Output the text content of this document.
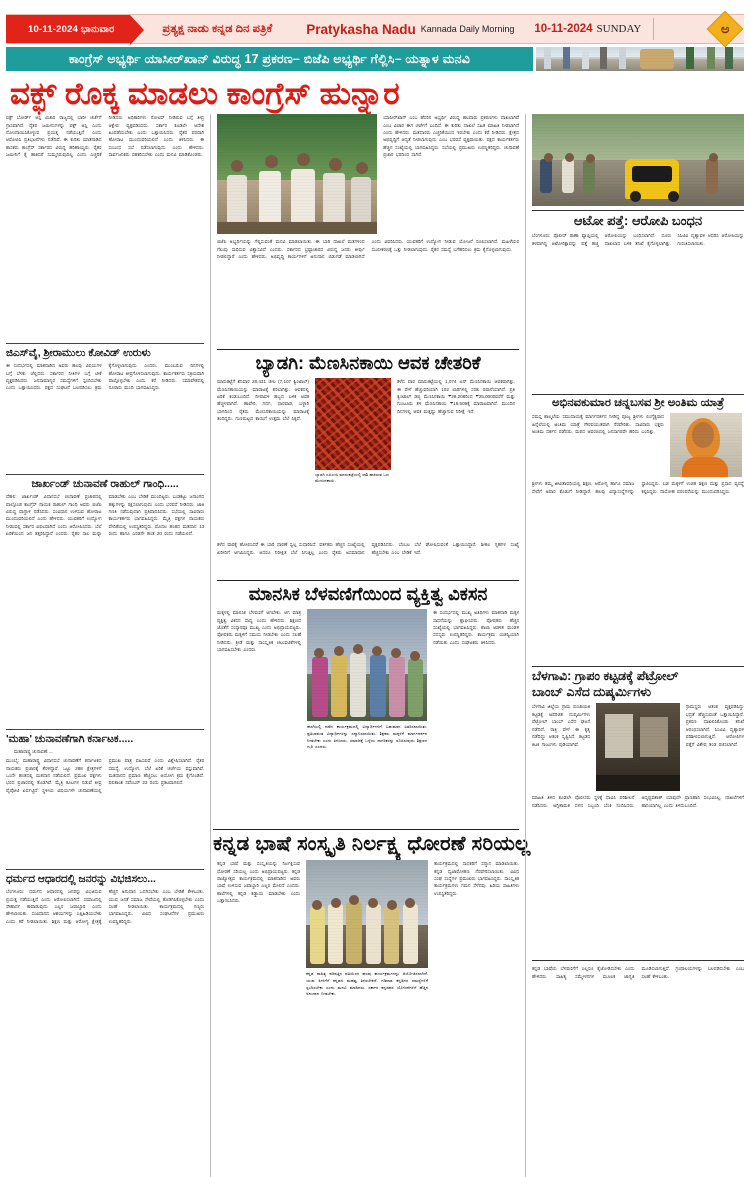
10-11-2024 ಭಾನುವಾರ	ಪ್ರತ್ಯಕ್ಷ ನಾಡು ಕನ್ನಡ ದಿನ ಪತ್ರಿಕೆ	Pratykasha Nadu Kannada Daily Morning 10-11-2024 SUNDAY	ಅ
ಕಾಂಗ್ರೆಸ್ ಅಭ್ಯರ್ಥಿ ಯಾಸೀರ್‌ಖಾನ್ ವಿರುದ್ಧ 17 ಪ್ರಕರಣ– ಬಿಜೆಪಿ ಅಭ್ಯರ್ಥಿ ಗೆಲ್ಲಿಸಿ– ಯತ್ನಾಳ ಮನವಿ
ವಕ್ಫ್ ರೊಕ್ಕ ಮಾಡಲು ಕಾಂಗ್ರೆಸ್ ಹುನ್ನಾರ
ವಕ್ಫ್ ಬೋರ್ಡ್ ಆಸ್ತಿ ವಿಚಾರ ರಾಜ್ಯದಲ್ಲಿ ಭಾರೀ ಚರ್ಚೆಗೆ ಗ್ರಾಸವಾಗಿದೆ. ರೈತರ ಜಮೀನುಗಳನ್ನು ವಕ್ಫ್ ಆಸ್ತಿ ಎಂದು ನೋಂದಾಯಿಸಿಕೊಳ್ಳುವ ಪ್ರಯತ್ನ ನಡೆಯುತ್ತಿದೆ ಎಂದು ಆರೋಪಿಸಿ ಪ್ರತಿಭಟನೆಗಳು ನಡೆದಿವೆ. ಈ ಕುರಿತು ಮಾತನಾಡಿದ ಶಾಸಕರು ಕಾಂಗ್ರೆಸ್ ಸರ್ಕಾರದ ವಿರುದ್ಧ ಹರಿಹಾಯ್ದರು. ರೈತರ ಜಮೀನಿಗೆ ಕೈ ಹಾಕಿದರೆ ಸುಮ್ಮನಿರುವುದಿಲ್ಲ ಎಂದು ಎಚ್ಚರಿಕೆ ನೀಡಿದರು. ಅಧಿಕಾರಿಗಳು ನೋಟಿಸ್ ನೀಡಿರುವ ಬಗ್ಗೆ ತೀವ್ರ ಆಕ್ಷೇಪ ವ್ಯಕ್ತಪಡಿಸಿದರು. ಸರ್ಕಾರ ಕೂಡಲೇ ಆದೇಶ ಹಿಂಪಡೆಯಬೇಕು ಎಂದು ಒತ್ತಾಯಿಸಿದರು. ರೈತರ ಪರವಾಗಿ ಹೋರಾಟ ಮುಂದುವರಿಯಲಿದೆ ಎಂದು ತಿಳಿಸಿದರು. ಈ ಸಂಬಂಧ ಸಭೆ ನಡೆಸಲಾಗುವುದು ಎಂದು ಹೇಳಿದರು. ಸಾರ್ವಜನಿಕರು ಸಹಕರಿಸಬೇಕು ಎಂದು ಮನವಿ ಮಾಡಿಕೊಂಡರು.
ಜಿಎಸ್‌ವೈ, ಶ್ರೀರಾಮುಲು ಕೋವಿಡ್ ಉರುಳು
ಈ ಸಂದರ್ಭದಲ್ಲಿ ಮಾತನಾಡಿದ ಅವರು ಹಲವು ವಿಷಯಗಳ ಬಗ್ಗೆ ಬೆಳಕು ಚೆಲ್ಲಿದರು. ಸರ್ಕಾರದ ನೀತಿಗಳ ಬಗ್ಗೆ ಟೀಕೆ ವ್ಯಕ್ತಪಡಿಸಿದರು. ಜನಸಾಮಾನ್ಯರ ಸಮಸ್ಯೆಗಳಿಗೆ ಸ್ಪಂದಿಸಬೇಕು ಎಂದು ಒತ್ತಾಯಿಸಿದರು. ಪಕ್ಷದ ಸಂಘಟನೆ ಬಲಪಡಿಸಲು ಕ್ರಮ ಕೈಗೊಳ್ಳಲಾಗುವುದು ಎಂದರು. ಮುಂಬರುವ ದಿನಗಳಲ್ಲಿ ಹೋರಾಟ ತೀವ್ರಗೊಳಿಸಲಾಗುವುದು. ಕಾರ್ಯಕರ್ತರು ಸಕ್ರಿಯವಾಗಿ ಪಾಲ್ಗೊಳ್ಳಬೇಕು ಎಂದು ಕರೆ ನೀಡಿದರು. ಸಮಾವೇಶದಲ್ಲಿ ನೂರಾರು ಮಂದಿ ಭಾಗವಹಿಸಿದ್ದರು.
ಜಾರ್ಖಂಡ್ ಚುನಾವಣೆ ರಾಹುಲ್ ಗಾಂಧಿ.....
ದೆಹಲಿ: ಜಾರ್ಖಂಡ್ ವಿಧಾನಸಭೆ ಚುನಾವಣೆ ಪ್ರಚಾರದಲ್ಲಿ ಪಾಲ್ಗೊಂಡ ಕಾಂಗ್ರೆಸ್ ನಾಯಕ ರಾಹುಲ್ ಗಾಂಧಿ ಅವರು ಬಿಜೆಪಿ ವಿರುದ್ಧ ವಾಗ್ದಾಳಿ ನಡೆಸಿದರು. ಸಂವಿಧಾನ ಉಳಿಸುವ ಹೋರಾಟ ಮುಂದುವರಿಯಲಿದೆ ಎಂದು ಹೇಳಿದರು. ಯುವಕರಿಗೆ ಉದ್ಯೋಗ ನೀಡುವಲ್ಲಿ ಸರ್ಕಾರ ವಿಫಲವಾಗಿದೆ ಎಂದು ಆರೋಪಿಸಿದರು. ಬೆಲೆ ಏರಿಕೆಯಿಂದ ಜನ ತತ್ತರಿಸಿದ್ದಾರೆ ಎಂದರು. ರೈತರ ಸಾಲ ಮನ್ನಾ ಮಾಡಬೇಕು ಎಂಬ ಬೇಡಿಕೆ ಮುಂದಿಟ್ಟರು. ಬುಡಕಟ್ಟು ಜನಾಂಗದ ಹಕ್ಕುಗಳನ್ನು ರಕ್ಷಿಸಲಾಗುವುದು ಎಂದು ಭರವಸೆ ನೀಡಿದರು. ಜಾತಿ ಗಣತಿ ನಡೆಸುವುದಾಗಿ ಪ್ರತಿಪಾದಿಸಿದರು. ಸಭೆಯಲ್ಲಿ ಸಾವಿರಾರು ಕಾರ್ಯಕರ್ತರು ಭಾಗವಹಿಸಿದ್ದರು. ಮೈತ್ರಿ ಪಕ್ಷಗಳ ನಾಯಕರು ವೇದಿಕೆಯಲ್ಲಿ ಉಪಸ್ಥಿತರಿದ್ದರು. ಮೊದಲ ಹಂತದ ಮತದಾನ 13 ರಂದು ಹಾಗೂ ಎರಡನೇ ಹಂತ 20 ರಂದು ನಡೆಯಲಿದೆ.
'ಮಹಾ' ಚುನಾವಣೆಗಾಗಿ ಕರ್ನಾಟಕ.....
ಮಹಾರಾಷ್ಟ್ರ ಚುನಾವಣೆ.....
ಮುಂಬೈ: ಮಹಾರಾಷ್ಟ್ರ ವಿಧಾನಸಭೆ ಚುನಾವಣೆಗೆ ಕರ್ನಾಟಕದ ನಾಯಕರು ಪ್ರಚಾರಕ್ಕೆ ತೆರಳಿದ್ದಾರೆ. ಒಟ್ಟು 288 ಕ್ಷೇತ್ರಗಳಿಗೆ ಒಂದೇ ಹಂತದಲ್ಲಿ ಮತದಾನ ನಡೆಯಲಿದೆ. ಪ್ರಮುಖ ಪಕ್ಷಗಳು ಭರದ ಪ್ರಚಾರದಲ್ಲಿ ತೊಡಗಿವೆ. ಮೈತ್ರಿ ಕೂಟಗಳ ನಡುವೆ ತೀವ್ರ ಪೈಪೋಟಿ ಏರ್ಪಟ್ಟಿದೆ. ಸ್ಥಳೀಯ ವಿಷಯಗಳೇ ಚುನಾವಣೆಯಲ್ಲಿ ಪ್ರಮುಖ ಪಾತ್ರ ವಹಿಸಲಿವೆ ಎಂದು ವಿಶ್ಲೇಷಿಸಲಾಗಿದೆ. ರೈತರ ಸಮಸ್ಯೆ, ಉದ್ಯೋಗ, ಬೆಲೆ ಏರಿಕೆ ಚರ್ಚೆಯ ವಸ್ತುವಾಗಿವೆ. ಮತದಾನದ ಪ್ರಮಾಣ ಹೆಚ್ಚಿಸಲು ಆಯೋಗ ಕ್ರಮ ಕೈಗೊಂಡಿದೆ. ಫಲಿತಾಂಶ ನವೆಂಬರ್ 23 ರಂದು ಪ್ರಕಟವಾಗಲಿದೆ.
ಧರ್ಮದ ಆಧಾರದಲ್ಲಿ ಜನರನ್ನು ವಿಭಜಿಸಲು...
ಬೆಂಗಳೂರು: ಧರ್ಮದ ಆಧಾರದಲ್ಲಿ ಜನರನ್ನು ವಿಭಜಿಸುವ ಪ್ರಯತ್ನ ನಡೆಯುತ್ತಿದೆ ಎಂದು ಆರೋಪಿಸಲಾಗಿದೆ. ಸಮಾಜದಲ್ಲಿ ಸೌಹಾರ್ದ ಕಾಪಾಡುವುದು ಎಲ್ಲರ ಜವಾಬ್ದಾರಿ ಎಂದು ಹೇಳಲಾಯಿತು. ಸಂವಿಧಾನದ ಆಶಯಗಳನ್ನು ಎತ್ತಿಹಿಡಿಯಬೇಕು ಎಂದು ಕರೆ ನೀಡಲಾಯಿತು. ಶಿಕ್ಷಣ ಮತ್ತು ಆರೋಗ್ಯ ಕ್ಷೇತ್ರಕ್ಕೆ ಹೆಚ್ಚಿನ ಅನುದಾನ ಒದಗಿಸಬೇಕು ಎಂಬ ಬೇಡಿಕೆ ಕೇಳಿಬಂತು. ಯುವ ಜನತೆ ಸಮಾಜ ಸೇವೆಯಲ್ಲಿ ತೊಡಗಿಸಿಕೊಳ್ಳಬೇಕು ಎಂದು ಸಲಹೆ ನೀಡಲಾಯಿತು. ಕಾರ್ಯಕ್ರಮದಲ್ಲಿ ಗಣ್ಯರು ಭಾಗವಹಿಸಿದ್ದರು. ವಿವಿಧ ಸಂಘಟನೆಗಳ ಪ್ರಮುಖರು ಉಪಸ್ಥಿತರಿದ್ದರು.
ಯಾಸೀರ್‌ಖಾನ್ ಎಂಬ ಹೆಸರಿನ ಅಭ್ಯರ್ಥಿ ವಿರುದ್ಧ ಹಲವಾರು ಪ್ರಕರಣಗಳು ದಾಖಲಾಗಿವೆ ಎಂಬ ವಿಚಾರ ಈಗ ಚರ್ಚೆಗೆ ಬಂದಿದೆ. ಈ ಕುರಿತು ದಾಖಲೆ ಸಹಿತ ಮಾಹಿತಿ ನೀಡಲಾಗಿದೆ ಎಂದು ಹೇಳಿದರು. ಮತದಾರರು ಎಚ್ಚರಿಕೆಯಿಂದ ಇರಬೇಕು ಎಂದು ಕರೆ ನೀಡಿದರು. ಕ್ಷೇತ್ರದ ಅಭಿವೃದ್ಧಿಗೆ ಆದ್ಯತೆ ನೀಡಲಾಗುವುದು ಎಂಬ ಭರವಸೆ ವ್ಯಕ್ತವಾಯಿತು. ಪಕ್ಷದ ಕಾರ್ಯಕರ್ತರು ಹೆಚ್ಚಿನ ಸಂಖ್ಯೆಯಲ್ಲಿ ಭಾಗವಹಿಸಿದ್ದರು. ಸಭೆಯಲ್ಲಿ ಪ್ರಮುಖರು ಉಪಸ್ಥಿತರಿದ್ದರು. ಚುನಾವಣೆ ಪ್ರಚಾರ ಭರದಿಂದ ಸಾಗಿದೆ.
ಬಿಜೆಪಿ ಅಭ್ಯರ್ಥಿಯನ್ನು ಗೆಲ್ಲಿಸುವಂತೆ ಮನವಿ ಮಾಡಲಾಯಿತು. ಈ ಬಾರಿ ದಾಖಲೆ ಮತಗಳಿಂದ ಗೆಲುವು ಸಾಧಿಸುವ ವಿಶ್ವಾಸವಿದೆ ಎಂದರು. ಸರ್ಕಾರದ ಭ್ರಷ್ಟಾಚಾರದ ವಿರುದ್ಧ ಜನರು ತೀರ್ಪು ನೀಡಲಿದ್ದಾರೆ ಎಂದು ಹೇಳಿದರು. ಅಭಿವೃದ್ಧಿ ಕಾರ್ಯಗಳಿಗೆ ಅನುದಾನ ಬಿಡುಗಡೆ ಮಾಡಲಾಗಿದೆ ಎಂದು ವಿವರಿಸಿದರು. ಯುವಕರಿಗೆ ಉದ್ಯೋಗ ನೀಡುವ ಯೋಜನೆ ರೂಪಿಸಲಾಗಿದೆ. ಮಹಿಳೆಯರ ಸಬಲೀಕರಣಕ್ಕೆ ಒತ್ತು ನೀಡಲಾಗುವುದು. ರೈತರ ಸಮಸ್ಯೆ ಬಗೆಹರಿಸಲು ಕ್ರಮ ಕೈಗೊಳ್ಳಲಾಗುವುದು.
ಬ್ಯಾಡಗಿ: ಮೆಣಸಿನಕಾಯಿ ಆವಕ ಚೇತರಿಕೆ
ಮಾರುಕಟ್ಟೆಗೆ ಶನಿವಾರ 28,431 ಚೀಲ (7,107 ಕ್ವಿಂಟಾಲ್) ಮೆಣಸಿನಕಾಯಿಯನ್ನು ಮಾರಾಟಕ್ಕೆ ತರಲಾಗಿತ್ತು. ಆವಕದಲ್ಲಿ ಏರಿಕೆ ಕಂಡುಬಂದಿದೆ. ದೀಪಾವಳಿ ಹಬ್ಬದ ಬಳಿಕ ಆವಕ ಹೆಚ್ಚಳವಾಗಿದೆ. ಹಾವೇರಿ, ಗದಗ, ಧಾರವಾಡ, ಬಳ್ಳಾರಿ ಭಾಗದಿಂದ ರೈತರು ಮೆಣಸಿನಕಾಯಿಯನ್ನು ಮಾರಾಟಕ್ಕೆ ತಂದಿದ್ದರು. ಗುಣಮಟ್ಟದ ಕಾಯಿಗೆ ಉತ್ತಮ ಬೆಲೆ ಸಿಕ್ಕಿದೆ.
ಬ್ಯಾಡಗಿ ಎಪಿಎಂಸಿ ಮಾರುಕಟ್ಟೆಯಲ್ಲಿ ರಾಶಿ ಹಾಕಿರುವ ಒಣ ಮೆಣಸಿನಕಾಯಿ.
ಕಳೆದ ವಾರ ಮಾರುಕಟ್ಟೆಯಲ್ಲಿ 1,074 ಟನ್ ಮೆಣಸಿನಕಾಯಿ ಆವಕವಾಗಿತ್ತು. ಈ ವೇಳೆ ಹೆಚ್ಚುವರಿಯಾಗಿ 102 ಲಾರಿಗಳಲ್ಲಿ ಸರಕು ರವಾನೆಯಾಗಿದೆ. ಪ್ರತಿ ಕ್ವಿಂಟಾಲ್ ಡಬ್ಬಿ ಮೆಣಸಿನಕಾಯಿ ₹29,208ರಿಂದ ₹25,000ರವರೆಗೆ ಮತ್ತು ಗುಂಟೂರು ತಳಿ ಮೆಣಸಿನಕಾಯಿ ₹16,509ಕ್ಕೆ ಮಾರಾಟವಾಗಿದೆ. ಮುಂದಿನ ದಿನಗಳಲ್ಲಿ ಆವಕ ಮತ್ತಷ್ಟು ಹೆಚ್ಚಾಗುವ ನಿರೀಕ್ಷೆ ಇದೆ.
ಕಳೆದ ವಾರಕ್ಕೆ ಹೋಲಿಸಿದರೆ ಈ ಬಾರಿ ಧಾರಣೆ ಸ್ವಲ್ಪ ಸುಧಾರಿಸಿದೆ. ವರ್ತಕರು ಹೆಚ್ಚಿನ ಸಂಖ್ಯೆಯಲ್ಲಿ ಖರೀದಿಗೆ ಆಗಮಿಸಿದ್ದರು. ಆದರೂ ನಿರೀಕ್ಷಿತ ಬೆಲೆ ಸಿಗುತ್ತಿಲ್ಲ ಎಂದು ರೈತರು ಅಸಮಾಧಾನ ವ್ಯಕ್ತಪಡಿಸಿದರು. ಬೆಂಬಲ ಬೆಲೆ ಘೋಷಿಸುವಂತೆ ಒತ್ತಾಯಿಸಿದ್ದಾರೆ. ಶೀತಲ ಗೃಹಗಳ ಸಂಖ್ಯೆ ಹೆಚ್ಚಿಸಬೇಕು ಎಂಬ ಬೇಡಿಕೆ ಇದೆ.
ಮಾನಸಿಕ ಬೆಳವಣಿಗೆಯಿಂದ ವ್ಯಕ್ತಿತ್ವ ವಿಕಸನ
ಮಕ್ಕಳಲ್ಲಿ ಮಾನಸಿಕ ಬೆಳವಣಿಗೆ ಆಗಬೇಕು. ಆಗ ಮಾತ್ರ ವ್ಯಕ್ತಿತ್ವ ವಿಕಸನ ಸಾಧ್ಯ ಎಂದು ಹೇಳಿದರು. ಶಿಕ್ಷಣದ ಜೊತೆಗೆ ಸಂಸ್ಕಾರವೂ ಮುಖ್ಯ ಎಂದು ಅಭಿಪ್ರಾಯಪಟ್ಟರು. ಪೋಷಕರು ಮಕ್ಕಳಿಗೆ ಸಮಯ ನೀಡಬೇಕು ಎಂದು ಸಲಹೆ ನೀಡಿದರು. ಕ್ರೀಡೆ ಮತ್ತು ಸಾಂಸ್ಕೃತಿಕ ಚಟುವಟಿಕೆಗಳಲ್ಲಿ ಭಾಗವಹಿಸಬೇಕು ಎಂದರು.
ಶಾಲೆಯಲ್ಲಿ ನಡೆದ ಕಾರ್ಯಕ್ರಮದಲ್ಲಿ ವಿದ್ಯಾರ್ಥಿಗಳಿಗೆ ಬಹುಮಾನ ವಿತರಿಸಲಾಯಿತು. ಪ್ರತಿಭಾವಂತ ವಿದ್ಯಾರ್ಥಿಗಳನ್ನು ಸನ್ಮಾನಿಸಲಾಯಿತು. ಶಿಕ್ಷಕರು ಮಕ್ಕಳಿಗೆ ಮಾರ್ಗದರ್ಶನ ನೀಡಬೇಕು ಎಂದು ತಿಳಿಸಿದರು. ಸಮಾಜಕ್ಕೆ ಒಳ್ಳೆಯ ನಾಗರಿಕರನ್ನು ರೂಪಿಸುವುದು ಶಿಕ್ಷಣದ ಗುರಿ ಎಂದರು.
ಈ ಸಂದರ್ಭದಲ್ಲಿ ಮುಖ್ಯ ಅತಿಥಿಗಳು ಮಾತನಾಡಿ ಮಕ್ಕಳ ಸಾಧನೆಯನ್ನು ಶ್ಲಾಘಿಸಿದರು. ಪೋಷಕರು ಹೆಚ್ಚಿನ ಸಂಖ್ಯೆಯಲ್ಲಿ ಭಾಗವಹಿಸಿದ್ದರು. ಶಾಲಾ ಆಡಳಿತ ಮಂಡಳಿ ಸದಸ್ಯರು ಉಪಸ್ಥಿತರಿದ್ದರು. ಕಾರ್ಯಕ್ರಮ ಯಶಸ್ವಿಯಾಗಿ ನಡೆಯಿತು ಎಂದು ಸಂಘಟಕರು ತಿಳಿಸಿದರು.
ಕನ್ನಡ ಭಾಷೆ ಸಂಸ್ಕೃತಿ ನಿರ್ಲಕ್ಷ್ಯ ಧೋರಣೆ ಸರಿಯಲ್ಲ
ಕನ್ನಡ ಭಾಷೆ ಮತ್ತು ಸಂಸ್ಕೃತಿಯನ್ನು ನಿರ್ಲಕ್ಷಿಸುವ ಧೋರಣೆ ಸರಿಯಲ್ಲ ಎಂದು ಅಭಿಪ್ರಾಯಪಟ್ಟರು. ಕನ್ನಡ ರಾಜ್ಯೋತ್ಸವ ಕಾರ್ಯಕ್ರಮದಲ್ಲಿ ಮಾತನಾಡಿದ ಅವರು ಭಾಷೆ ಉಳಿಸುವ ಜವಾಬ್ದಾರಿ ಎಲ್ಲರ ಮೇಲಿದೆ ಎಂದರು. ಶಾಲೆಗಳಲ್ಲಿ ಕನ್ನಡ ಕಡ್ಡಾಯ ಮಾಡಬೇಕು ಎಂದು ಒತ್ತಾಯಿಸಿದರು.
ಕನ್ನಡ ಸಾಹಿತ್ಯ ಪರಿಷತ್ತಿನ ವತಿಯಿಂದ ಹಲವು ಕಾರ್ಯಕ್ರಮಗಳನ್ನು ಆಯೋಜಿಸಲಾಗಿದೆ. ಯುವ ಪೀಳಿಗೆಗೆ ಕನ್ನಡದ ಮಹತ್ವ ತಿಳಿಸಬೇಕಿದೆ. ಗಡಿನಾಡ ಕನ್ನಡಿಗರ ಸಮಸ್ಯೆಗಳಿಗೆ ಸ್ಪಂದಿಸಬೇಕು ಎಂದು ಮನವಿ ಮಾಡಿದರು. ಸರ್ಕಾರ ಕನ್ನಡಪರ ಯೋಜನೆಗಳಿಗೆ ಹೆಚ್ಚಿನ ಅನುದಾನ ನೀಡಬೇಕು.
ಕಾರ್ಯಕ್ರಮದಲ್ಲಿ ಸಾಧಕರಿಗೆ ಸನ್ಮಾನ ಮಾಡಲಾಯಿತು. ಕನ್ನಡ ಧ್ವಜಾರೋಹಣ ನೆರವೇರಿಸಲಾಯಿತು. ವಿವಿಧ ಸಂಘ ಸಂಸ್ಥೆಗಳ ಪ್ರಮುಖರು ಭಾಗವಹಿಸಿದ್ದರು. ಸಾಂಸ್ಕೃತಿಕ ಕಾರ್ಯಕ್ರಮಗಳು ಗಮನ ಸೆಳೆದವು. ಹಿರಿಯ ಸಾಹಿತಿಗಳು ಉಪಸ್ಥಿತರಿದ್ದರು.
ಆಟೋ ಪತ್ತೆ: ಆರೋಪಿ ಬಂಧನ
ಬೆಂಗಳೂರು: ಪೊಲೀಸ್ ಠಾಣಾ ವ್ಯಾಪ್ತಿಯಲ್ಲಿ ಕಳವಾಗಿದ್ದ ಆಟೋರಿಕ್ಷಾವನ್ನು ಪತ್ತೆ ಹಚ್ಚಿ ಆರೋಪಿಯನ್ನು ಬಂಧಿಸಲಾಗಿದೆ. ದೂರು ದಾಖಲಾದ ಬಳಿಕ ತನಿಖೆ ಕೈಗೊಳ್ಳಲಾಗಿತ್ತು. ಸಿಸಿಟಿವಿ ದೃಶ್ಯಾವಳಿ ಆಧರಿಸಿ ಆರೋಪಿಯನ್ನು ಗುರುತಿಸಲಾಯಿತು.
ಅಭಿನವಕುಮಾರ ಚನ್ನಬಸವ ಶ್ರೀ ಅಂತಿಮ ಯಾತ್ರೆ
ಸಮಸ್ತ ಶಾಲ್ಮಲೆಯ ಸಮುದಾಯಕ್ಕೆ ಮಾರ್ಗದರ್ಶನ ನೀಡಿದ್ದ ಪೂಜ್ಯ ಶ್ರೀಗಳು ಲಿಂಗೈಕ್ಯರಾದ ಹಿನ್ನೆಲೆಯಲ್ಲಿ ಅಂತಿಮ ಯಾತ್ರೆ ಗೌರವಯುತವಾಗಿ ನೆರವೇರಿತು. ಸಾವಿರಾರು ಭಕ್ತರು ಅಂತಿಮ ದರ್ಶನ ಪಡೆದರು. ಮಠದ ಆವರಣದಲ್ಲಿ ಜನಸಾಗರವೇ ಹರಿದು ಬಂದಿತ್ತು.
ಶ್ರೀಗಳು ತಮ್ಮ ಜೀವಿತಾವಧಿಯಲ್ಲಿ ಶಿಕ್ಷಣ, ಆರೋಗ್ಯ ಹಾಗೂ ಸಮಾಜ ಸೇವೆಗೆ ಅಪಾರ ಕೊಡುಗೆ ನೀಡಿದ್ದಾರೆ. ಹಲವು ವಿದ್ಯಾಸಂಸ್ಥೆಗಳನ್ನು ಸ್ಥಾಪಿಸಿದ್ದರು. ಬಡ ಮಕ್ಕಳಿಗೆ ಉಚಿತ ಶಿಕ್ಷಣ ಮತ್ತು ಪ್ರಸಾದ ವ್ಯವಸ್ಥೆ ಕಲ್ಪಿಸಿದ್ದರು. ದಾಸೋಹ ಪರಂಪರೆಯನ್ನು ಮುಂದುವರಿಸಿದ್ದರು.
ಬೆಳಗಾವಿ: ಗ್ರಾಪಂ ಕಟ್ಟಡಕ್ಕೆ ಪೆಟ್ರೋಲ್
ಬಾಂಬ್ ಎಸೆದ ದುಷ್ಕರ್ಮಿಗಳು
ಬೆಳಗಾವಿ ಜಿಲ್ಲೆಯ ಗ್ರಾಮ ಪಂಚಾಯಿತಿ ಕಟ್ಟಡಕ್ಕೆ ಅಪರಿಚಿತ ದುಷ್ಕರ್ಮಿಗಳು ಪೆಟ್ರೋಲ್ ಬಾಂಬ್ ಎಸೆದ ಘಟನೆ ನಡೆದಿದೆ. ರಾತ್ರಿ ವೇಳೆ ಈ ಕೃತ್ಯ ನಡೆದಿದ್ದು ಆತಂಕ ಸೃಷ್ಟಿಸಿದೆ. ಕಟ್ಟಡದ ಕಿಟಕಿ ಗಾಜುಗಳು ಪುಡಿಯಾಗಿವೆ.
ಗ್ರಾಮಸ್ಥರು ಆತಂಕ ವ್ಯಕ್ತಪಡಿಸಿದ್ದು ಭದ್ರತೆ ಹೆಚ್ಚಿಸುವಂತೆ ಒತ್ತಾಯಿಸಿದ್ದಾರೆ. ಪ್ರಕರಣ ದಾಖಲಿಸಿಕೊಂಡು ತನಿಖೆ ಆರಂಭಿಸಲಾಗಿದೆ. ಸಿಸಿಟಿವಿ ದೃಶ್ಯಾವಳಿ ಪರಿಶೀಲಿಸಲಾಗುತ್ತಿದೆ. ಆರೋಪಿಗಳ ಪತ್ತೆಗೆ ವಿಶೇಷ ತಂಡ ರಚಿಸಲಾಗಿದೆ.
ಮಾಹಿತಿ ತಿಳಿದ ಕೂಡಲೇ ಪೊಲೀಸರು ಸ್ಥಳಕ್ಕೆ ಧಾವಿಸಿ ಪರಿಶೀಲನೆ ನಡೆಸಿದರು. ಅಗ್ನಿಶಾಮಕ ದಳದ ಸಿಬ್ಬಂದಿ ಬೆಂಕಿ ನಂದಿಸಿದರು. ಅದೃಷ್ಟವಶಾತ್ ಯಾವುದೇ ಪ್ರಾಣಹಾನಿ ಸಂಭವಿಸಿಲ್ಲ. ದಾಖಲೆಗಳಿಗೆ ಹಾನಿಯಾಗಿಲ್ಲ ಎಂದು ತಿಳಿದುಬಂದಿದೆ.
ಕನ್ನಡ ಭಾಷೆಯ ಬೆಳವಣಿಗೆಗೆ ಎಲ್ಲರೂ ಕೈಜೋಡಿಸಬೇಕು ಎಂದು ಹೇಳಿದರು. ಸಾಹಿತ್ಯ ಸಮ್ಮೇಳನಗಳ ಮೂಲಕ ಜಾಗೃತಿ ಮೂಡಿಸಲಾಗುತ್ತಿದೆ. ಗ್ರಂಥಾಲಯಗಳನ್ನು ಬಲಪಡಿಸಬೇಕು ಎಂಬ ಸಲಹೆ ಕೇಳಿಬಂತು.
